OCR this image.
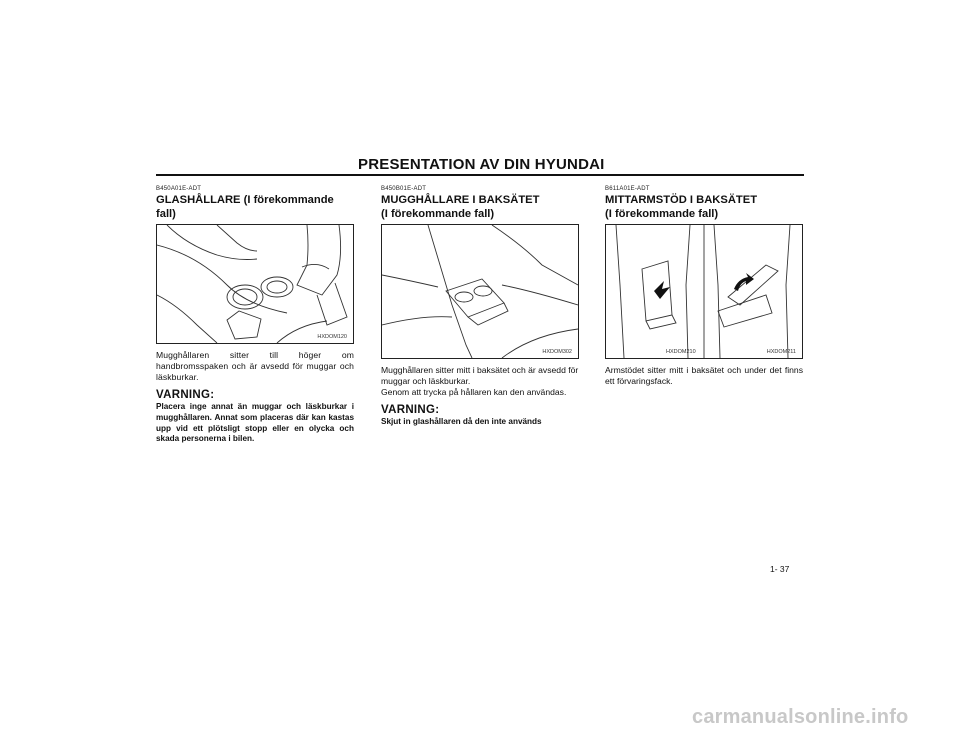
PRESENTATION AV DIN HYUNDAI
B450A01E-ADT
GLASHÅLLARE (I förekommande fall)
HXDOM120
Mugghållaren sitter till höger om handbromsspaken och är avsedd för muggar och läskburkar.
VARNING:
Placera inge annat än muggar och läskburkar i mugghållaren. Annat som placeras där kan kastas upp vid ett plötsligt stopp eller en olycka och skada personerna i bilen.
B450B01E-ADT
MUGGHÅLLARE I BAKSÄTET
(I förekommande fall)
HXDOM302
Mugghållaren sitter mitt i baksätet och är avsedd för muggar och läskburkar.
Genom att trycka på hållaren kan den användas.
VARNING:
Skjut in glashållaren då den inte används
B611A01E-ADT
MITTARMSTÖD I BAKSÄTET
(I förekommande fall)
HXDOM210	HXDOM211
Armstödet sitter mitt i baksätet och under det finns ett förvaringsfack.
1- 37
carmanualsonline.info
